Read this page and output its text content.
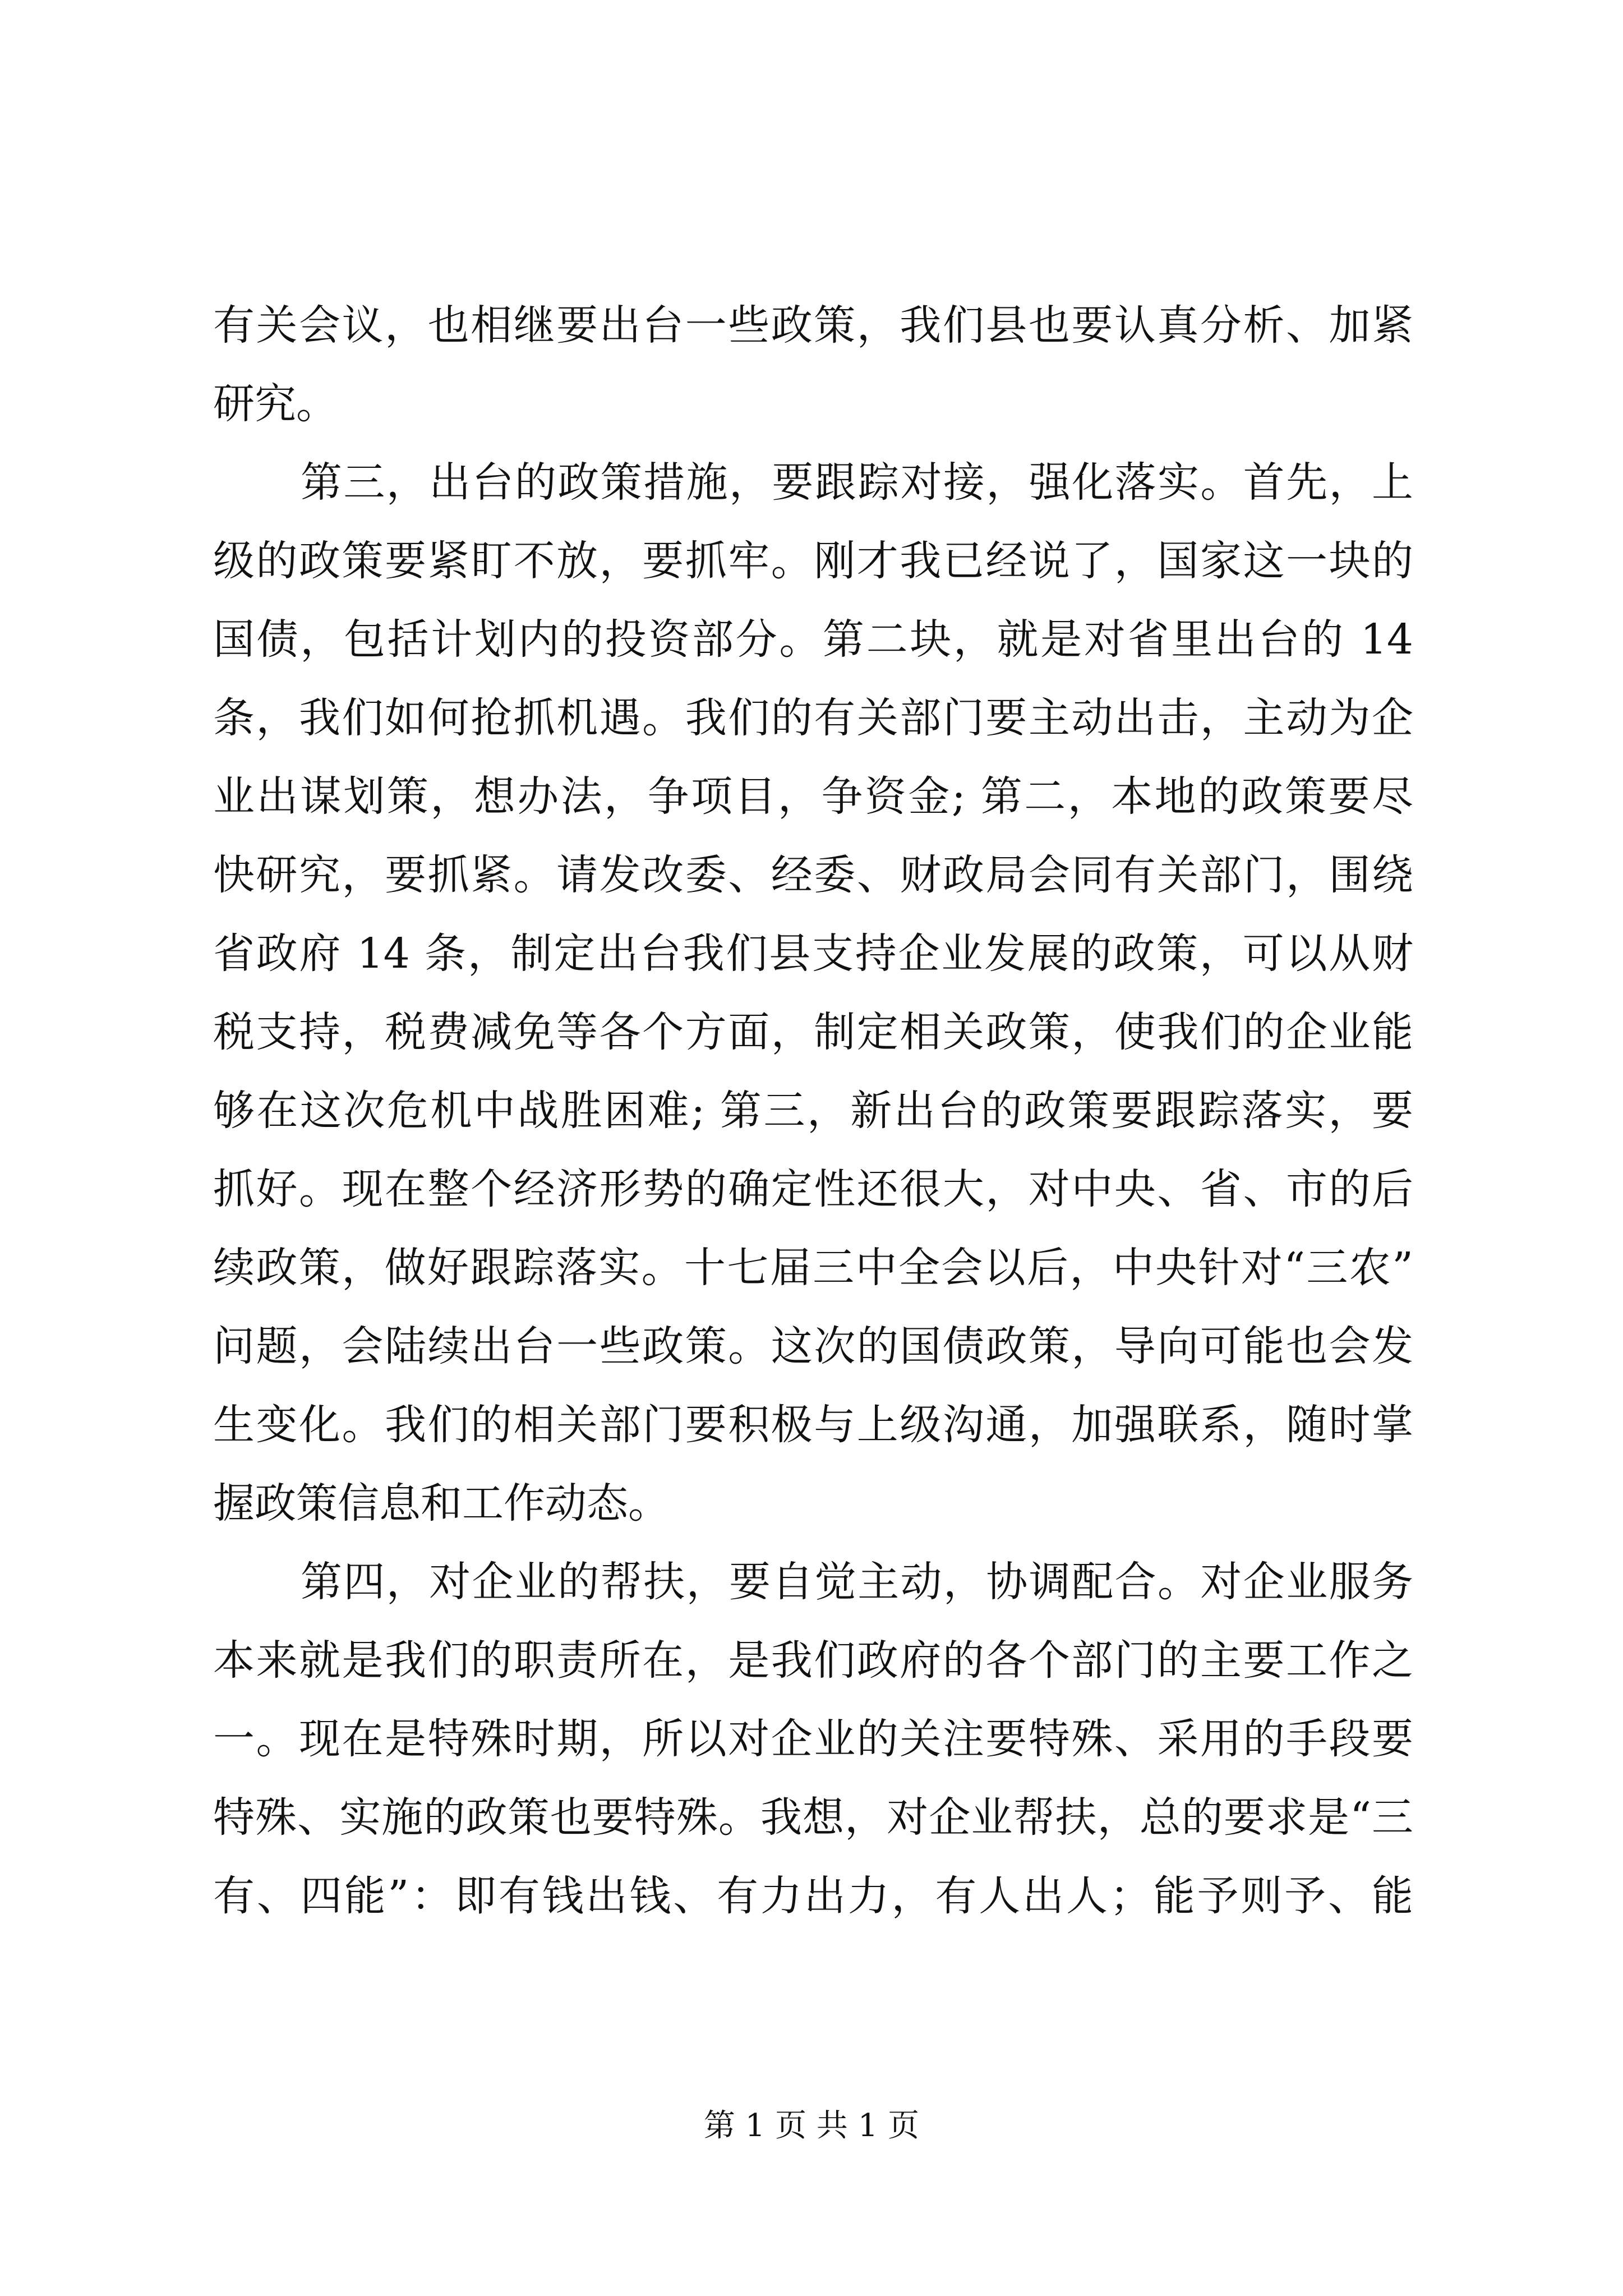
有关会议，也相继要出台一些政策，我们县也要认真分析、加紧
研究。
第三，出台的政策措施，要跟踪对接，强化落实。首先，上
级的政策要紧盯不放，要抓牢。刚才我已经说了，国家这一块的
国债，包括计划内的投资部分。第二块，就是对省里出台的 14
条，我们如何抢抓机遇。我们的有关部门要主动出击，主动为企
业出谋划策，想办法，争项目，争资金; 第二，本地的政策要尽
快研究，要抓紧。请发改委、经委、财政局会同有关部门，围绕
省政府 14 条，制定出台我们县支持企业发展的政策，可以从财
税支持，税费减免等各个方面，制定相关政策，使我们的企业能
够在这次危机中战胜困难; 第三，新出台的政策要跟踪落实，要
抓好。现在整个经济形势的确定性还很大，对中央、省、市的后
续政策，做好跟踪落实。十七届三中全会以后，中央针对“三农”
问题，会陆续出台一些政策。这次的国债政策，导向可能也会发
生变化。我们的相关部门要积极与上级沟通，加强联系，随时掌
握政策信息和工作动态。
第四，对企业的帮扶，要自觉主动，协调配合。对企业服务
本来就是我们的职责所在，是我们政府的各个部门的主要工作之
一。现在是特殊时期，所以对企业的关注要特殊、采用的手段要
特殊、实施的政策也要特殊。我想，对企业帮扶，总的要求是“三
有、四能”：即有钱出钱、有力出力，有人出人；能予则予、能
第 1 页 共 1 页
